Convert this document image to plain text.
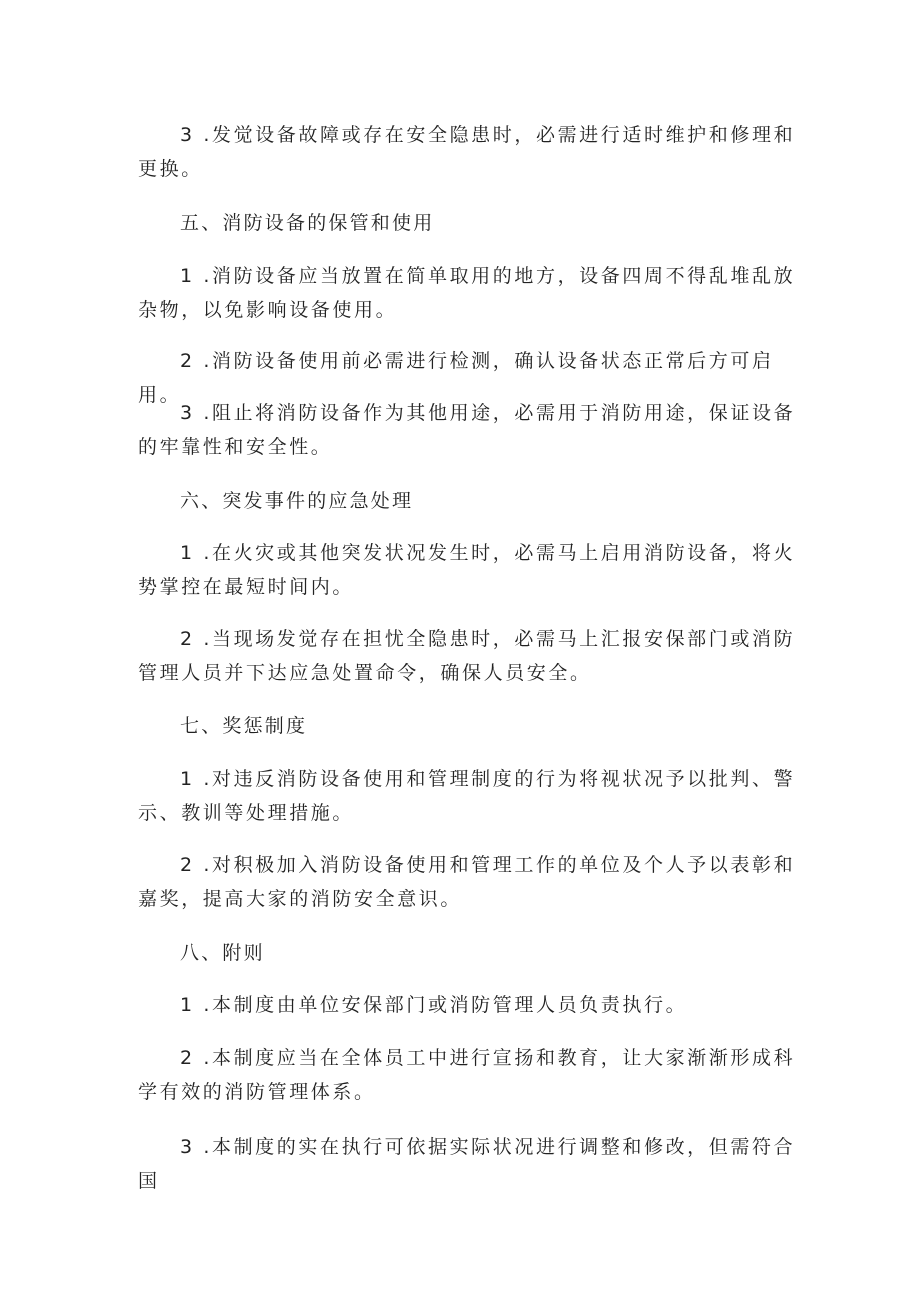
3 .发觉设备故障或存在安全隐患时，必需进行适时维护和修理和更换。

五、消防设备的保管和使用

1 .消防设备应当放置在简单取用的地方，设备四周不得乱堆乱放杂物，以免影响设备使用。

2 .消防设备使用前必需进行检测，确认设备状态正常后方可启用。

3 .阻止将消防设备作为其他用途，必需用于消防用途，保证设备的牢靠性和安全性。

六、突发事件的应急处理

1 .在火灾或其他突发状况发生时，必需马上启用消防设备，将火势掌控在最短时间内。

2 .当现场发觉存在担忧全隐患时，必需马上汇报安保部门或消防管理人员并下达应急处置命令，确保人员安全。

七、奖惩制度

1 .对违反消防设备使用和管理制度的行为将视状况予以批判、警示、教训等处理措施。

2 .对积极加入消防设备使用和管理工作的单位及个人予以表彰和嘉奖，提高大家的消防安全意识。

八、附则

1 .本制度由单位安保部门或消防管理人员负责执行。

2 .本制度应当在全体员工中进行宣扬和教育，让大家渐渐形成科学有效的消防管理体系。

3 .本制度的实在执行可依据实际状况进行调整和修改，但需符合国
